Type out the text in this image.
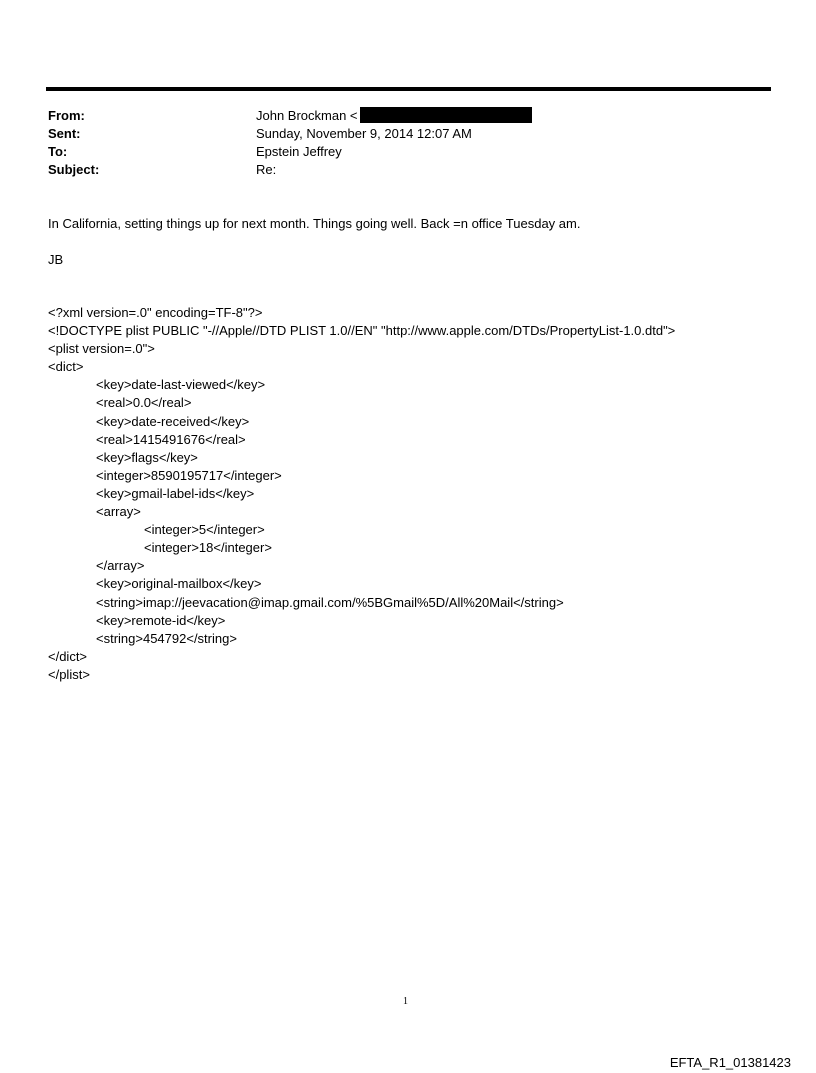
From:	John Brockman <
Sent:	Sunday, November 9, 2014 12:07 AM
To:	Epstein Jeffrey
Subject:	Re:
In California, setting things up for next month. Things going well. Back =n office Tuesday am.
JB
<?xml version=.0" encoding=TF-8"?>
<!DOCTYPE plist PUBLIC "-//Apple//DTD PLIST 1.0//EN" "http://www.apple.com/DTDs/PropertyList-1.0.dtd">
<plist version=.0">
<dict>
<key>date-last-viewed</key>
<real>0.0</real>
<key>date-received</key>
<real>1415491676</real>
<key>flags</key>
<integer>8590195717</integer>
<key>gmail-label-ids</key>
<array>
<integer>5</integer>
<integer>18</integer>
</array>
<key>original-mailbox</key>
<string>imap://jeevacation@imap.gmail.com/%5BGmail%5D/All%20Mail</string>
<key>remote-id</key>
<string>454792</string>
</dict>
</plist>
1
EFTA_R1_01381423
